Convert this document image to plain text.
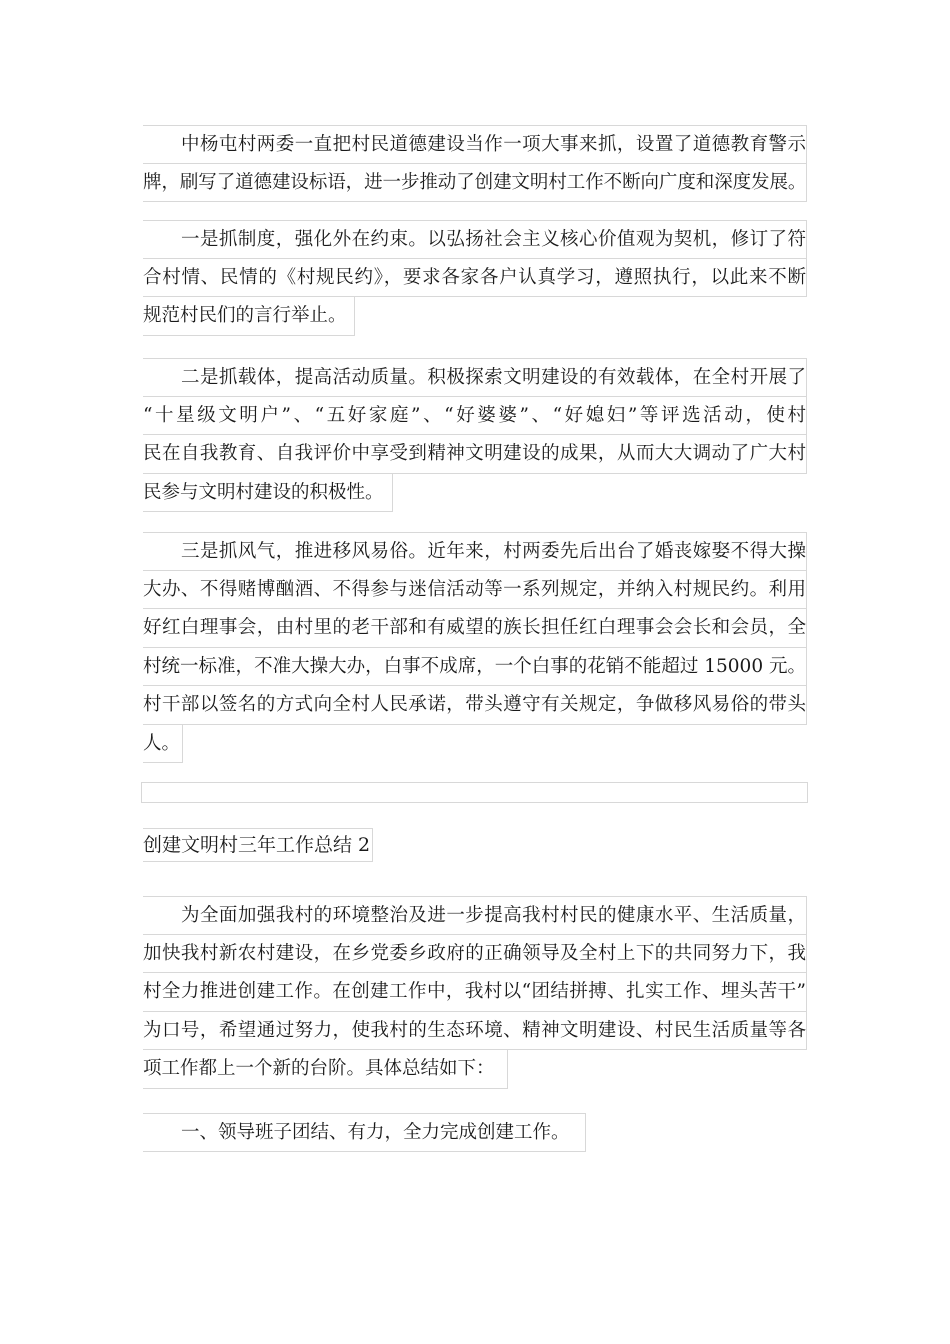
中杨屯村两委一直把村民道德建设当作一项大事来抓，设置了道德教育警示
牌，刷写了道德建设标语，进一步推动了创建文明村工作不断向广度和深度发展。
一是抓制度，强化外在约束。以弘扬社会主义核心价值观为契机，修订了符
合村情、民情的《村规民约》，要求各家各户认真学习，遵照执行，以此来不断
规范村民们的言行举止。
二是抓载体，提高活动质量。积极探索文明建设的有效载体，在全村开展了
“十星级文明户”、“五好家庭”、“好婆婆”、“好媳妇”等评选活动，使村
民在自我教育、自我评价中享受到精神文明建设的成果，从而大大调动了广大村
民参与文明村建设的积极性。
三是抓风气，推进移风易俗。近年来，村两委先后出台了婚丧嫁娶不得大操
大办、不得赌博酗酒、不得参与迷信活动等一系列规定，并纳入村规民约。利用
好红白理事会，由村里的老干部和有威望的族长担任红白理事会会长和会员，全
村统一标准，不准大操大办，白事不成席，一个白事的花销不能超过 15000 元。
村干部以签名的方式向全村人民承诺，带头遵守有关规定，争做移风易俗的带头
人。
创建文明村三年工作总结 2
为全面加强我村的环境整治及进一步提高我村村民的健康水平、生活质量，
加快我村新农村建设，在乡党委乡政府的正确领导及全村上下的共同努力下，我
村全力推进创建工作。在创建工作中，我村以“团结拼搏、扎实工作、埋头苦干”
为口号，希望通过努力，使我村的生态环境、精神文明建设、村民生活质量等各
项工作都上一个新的台阶。具体总结如下：
一、领导班子团结、有力，全力完成创建工作。
